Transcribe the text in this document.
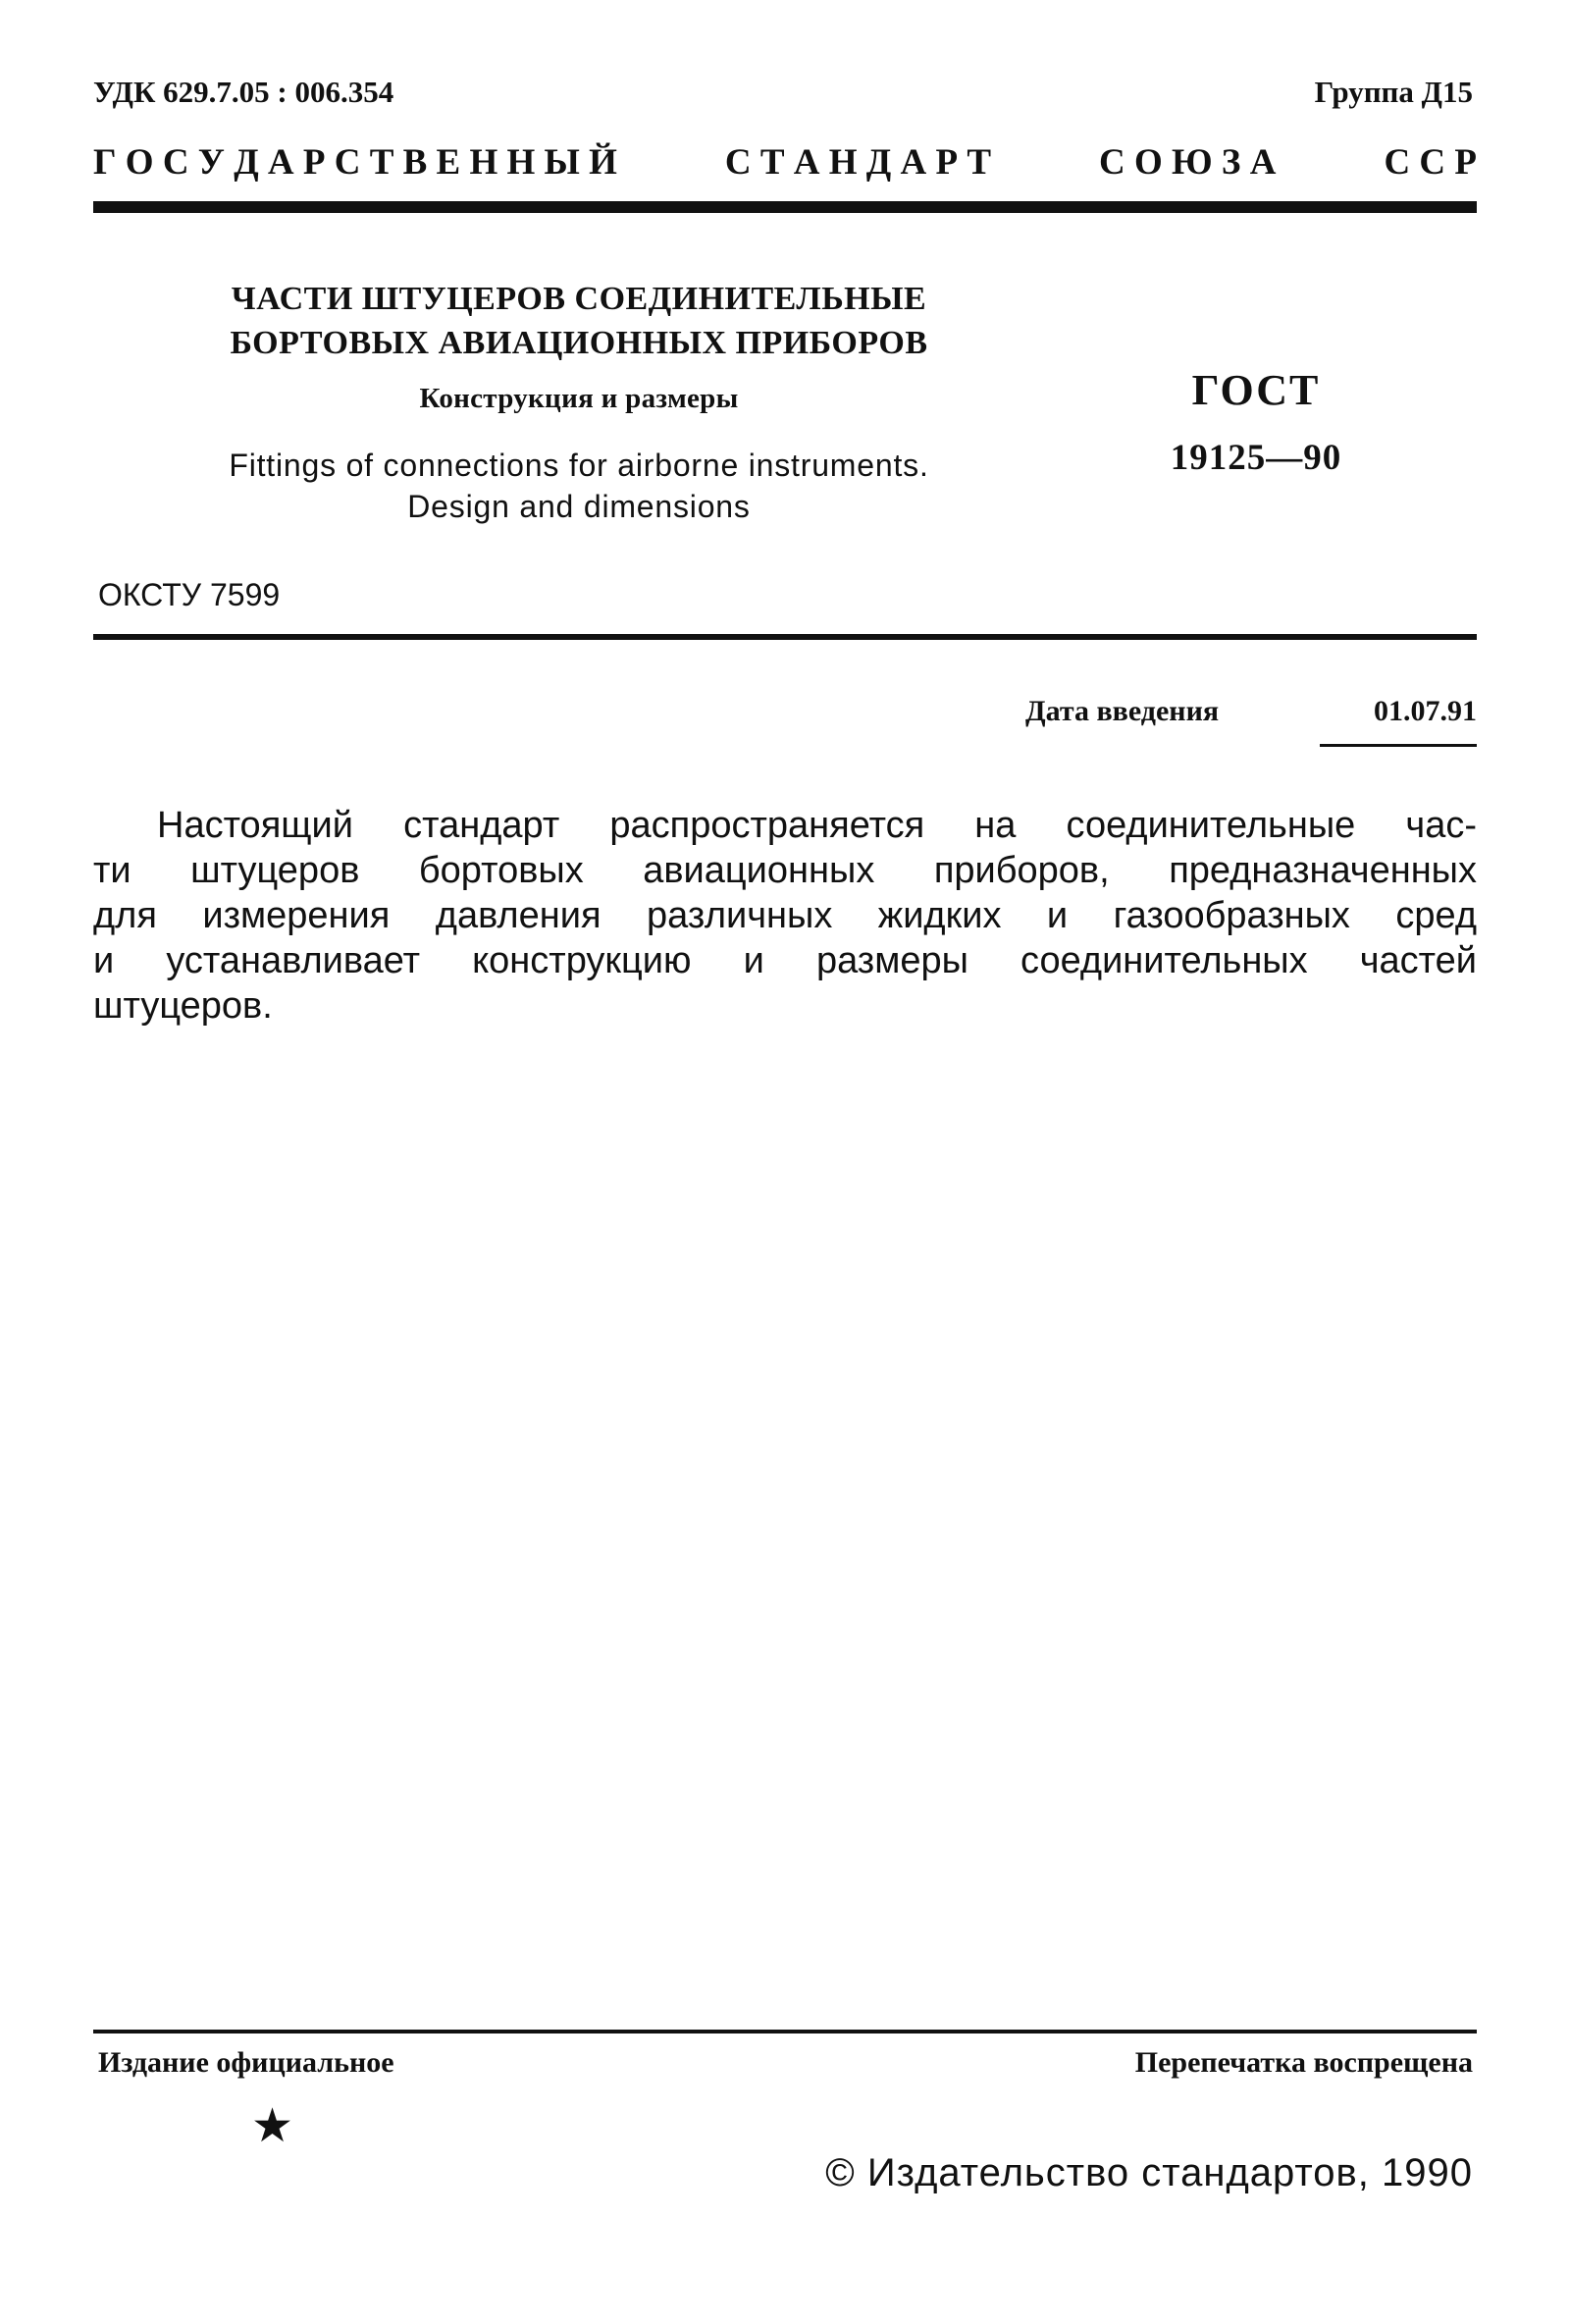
УДК 629.7.05 : 006.354	Группа Д15
Г О С У Д А Р С Т В Е Н Н Ы Й	С Т А Н Д А Р Т	С О Ю З А	С С Р
ЧАСТИ ШТУЦЕРОВ СОЕДИНИТЕЛЬНЫЕ
БОРТОВЫХ АВИАЦИОННЫХ ПРИБОРОВ
Конструкция и размеры
Fittings of connections for airborne instruments.
Design and dimensions
ГОСТ
19125—90
ОКСТУ 7599
Дата введения	01.07.91
Настоящий стандарт распространяется на соединительные час-
ти штуцеров бортовых авиационных приборов, предназначенных
для измерения давления различных жидких и газообразных сред
и устанавливает конструкцию и размеры соединительных частей
штуцеров.
Издание официальное	Перепечатка воспрещена
★
© Издательство стандартов, 1990
